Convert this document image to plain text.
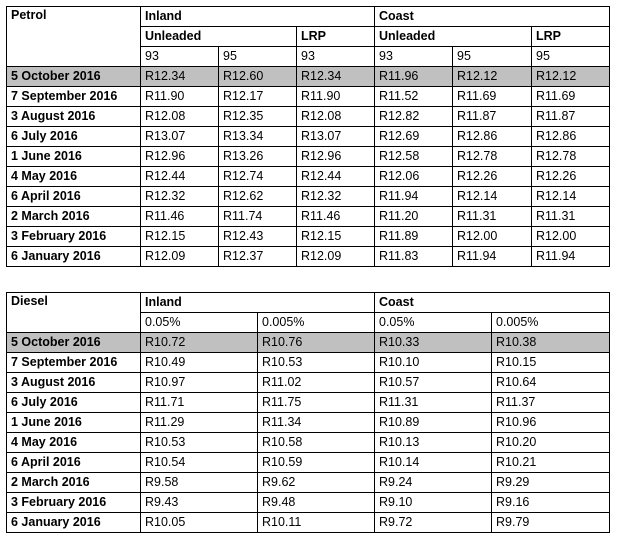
Petrol	Inland			Coast		
	Unleaded		LRP	Unleaded		LRP
	93	95	93	93	95	95
5 October 2016	R12.34	R12.60	R12.34	R11.96	R12.12	R12.12
7 September 2016	R11.90	R12.17	R11.90	R11.52	R11.69	R11.69
3 August 2016	R12.08	R12.35	R12.08	R12.82	R11.87	R11.87
6 July 2016	R13.07	R13.34	R13.07	R12.69	R12.86	R12.86
1 June 2016	R12.96	R13.26	R12.96	R12.58	R12.78	R12.78
4 May 2016	R12.44	R12.74	R12.44	R12.06	R12.26	R12.26
6 April 2016	R12.32	R12.62	R12.32	R11.94	R12.14	R12.14
2 March 2016	R11.46	R11.74	R11.46	R11.20	R11.31	R11.31
3 February 2016	R12.15	R12.43	R12.15	R11.89	R12.00	R12.00
6 January 2016	R12.09	R12.37	R12.09	R11.83	R11.94	R11.94
Diesel	Inland		Coast	
	0.05%	0.005%	0.05%	0.005%
5 October 2016	R10.72	R10.76	R10.33	R10.38
7 September 2016	R10.49	R10.53	R10.10	R10.15
3 August 2016	R10.97	R11.02	R10.57	R10.64
6 July 2016	R11.71	R11.75	R11.31	R11.37
1 June 2016	R11.29	R11.34	R10.89	R10.96
4 May 2016	R10.53	R10.58	R10.13	R10.20
6 April 2016	R10.54	R10.59	R10.14	R10.21
2 March 2016	R9.58	R9.62	R9.24	R9.29
3 February 2016	R9.43	R9.48	R9.10	R9.16
6 January 2016	R10.05	R10.11	R9.72	R9.79
